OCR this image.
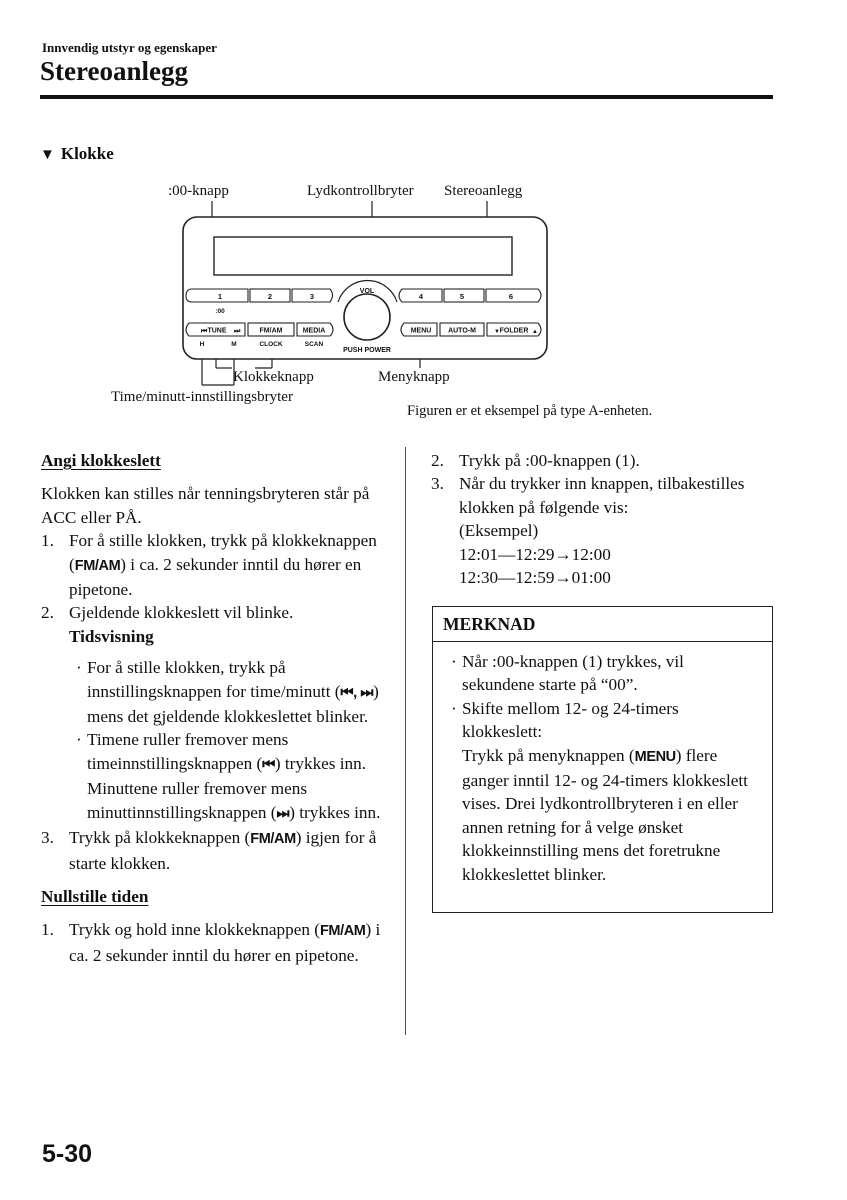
Innvendig utstyr og egenskaper
Stereoanlegg
▼ Klokke
:00-knapp	Lydkontrollbryter Stereoanlegg
Klokkeknapp
Time/minutt-innstillingsbryter
Menyknapp
VOL
PUSH POWER
1	2	3	4	5	6
:00
⏮ TUNE ⏭	FM/AM	MEDIA	MENU AUTO-M	▼ FOLDER ▲
H	M	CLOCK	SCAN
Figuren er et eksempel på type A-enheten.

Angi klokkeslett

Klokken kan stilles når tenningsbryteren står på ACC eller PÅ.

1. For å stille klokken, trykk på klokkeknappen (FM/AM) i ca. 2 sekunder inntil du hører en pipetone.
2. Gjeldende klokkeslett vil blinke.
Tidsvisning
· For å stille klokken, trykk på innstillingsknappen for time/minutt (⏮, ⏭) mens det gjeldende klokkeslettet blinker.
· Timene ruller fremover mens timeinnstillingsknappen (⏮) trykkes inn. Minuttene ruller fremover mens minuttinnstillingsknappen (⏭) trykkes inn.
3. Trykk på klokkeknappen (FM/AM) igjen for å starte klokken.

Nullstille tiden

1. Trykk og hold inne klokkeknappen (FM/AM) i ca. 2 sekunder inntil du hører en pipetone.
2. Trykk på :00-knappen (1).
3. Når du trykker inn knappen, tilbakestilles klokken på følgende vis:
(Eksempel)
12:01―12:29→12:00
12:30―12:59→01:00
MERKNAD
· Når :00-knappen (1) trykkes, vil sekundene starte på “00”.
· Skifte mellom 12- og 24-timers klokkeslett:
Trykk på menyknappen (MENU) flere ganger inntil 12- og 24-timers klokkeslett vises. Drei lydkontrollbryteren i en eller annen retning for å velge ønsket klokkeinnstilling mens det foretrukne klokkeslettet blinker.
5-30
